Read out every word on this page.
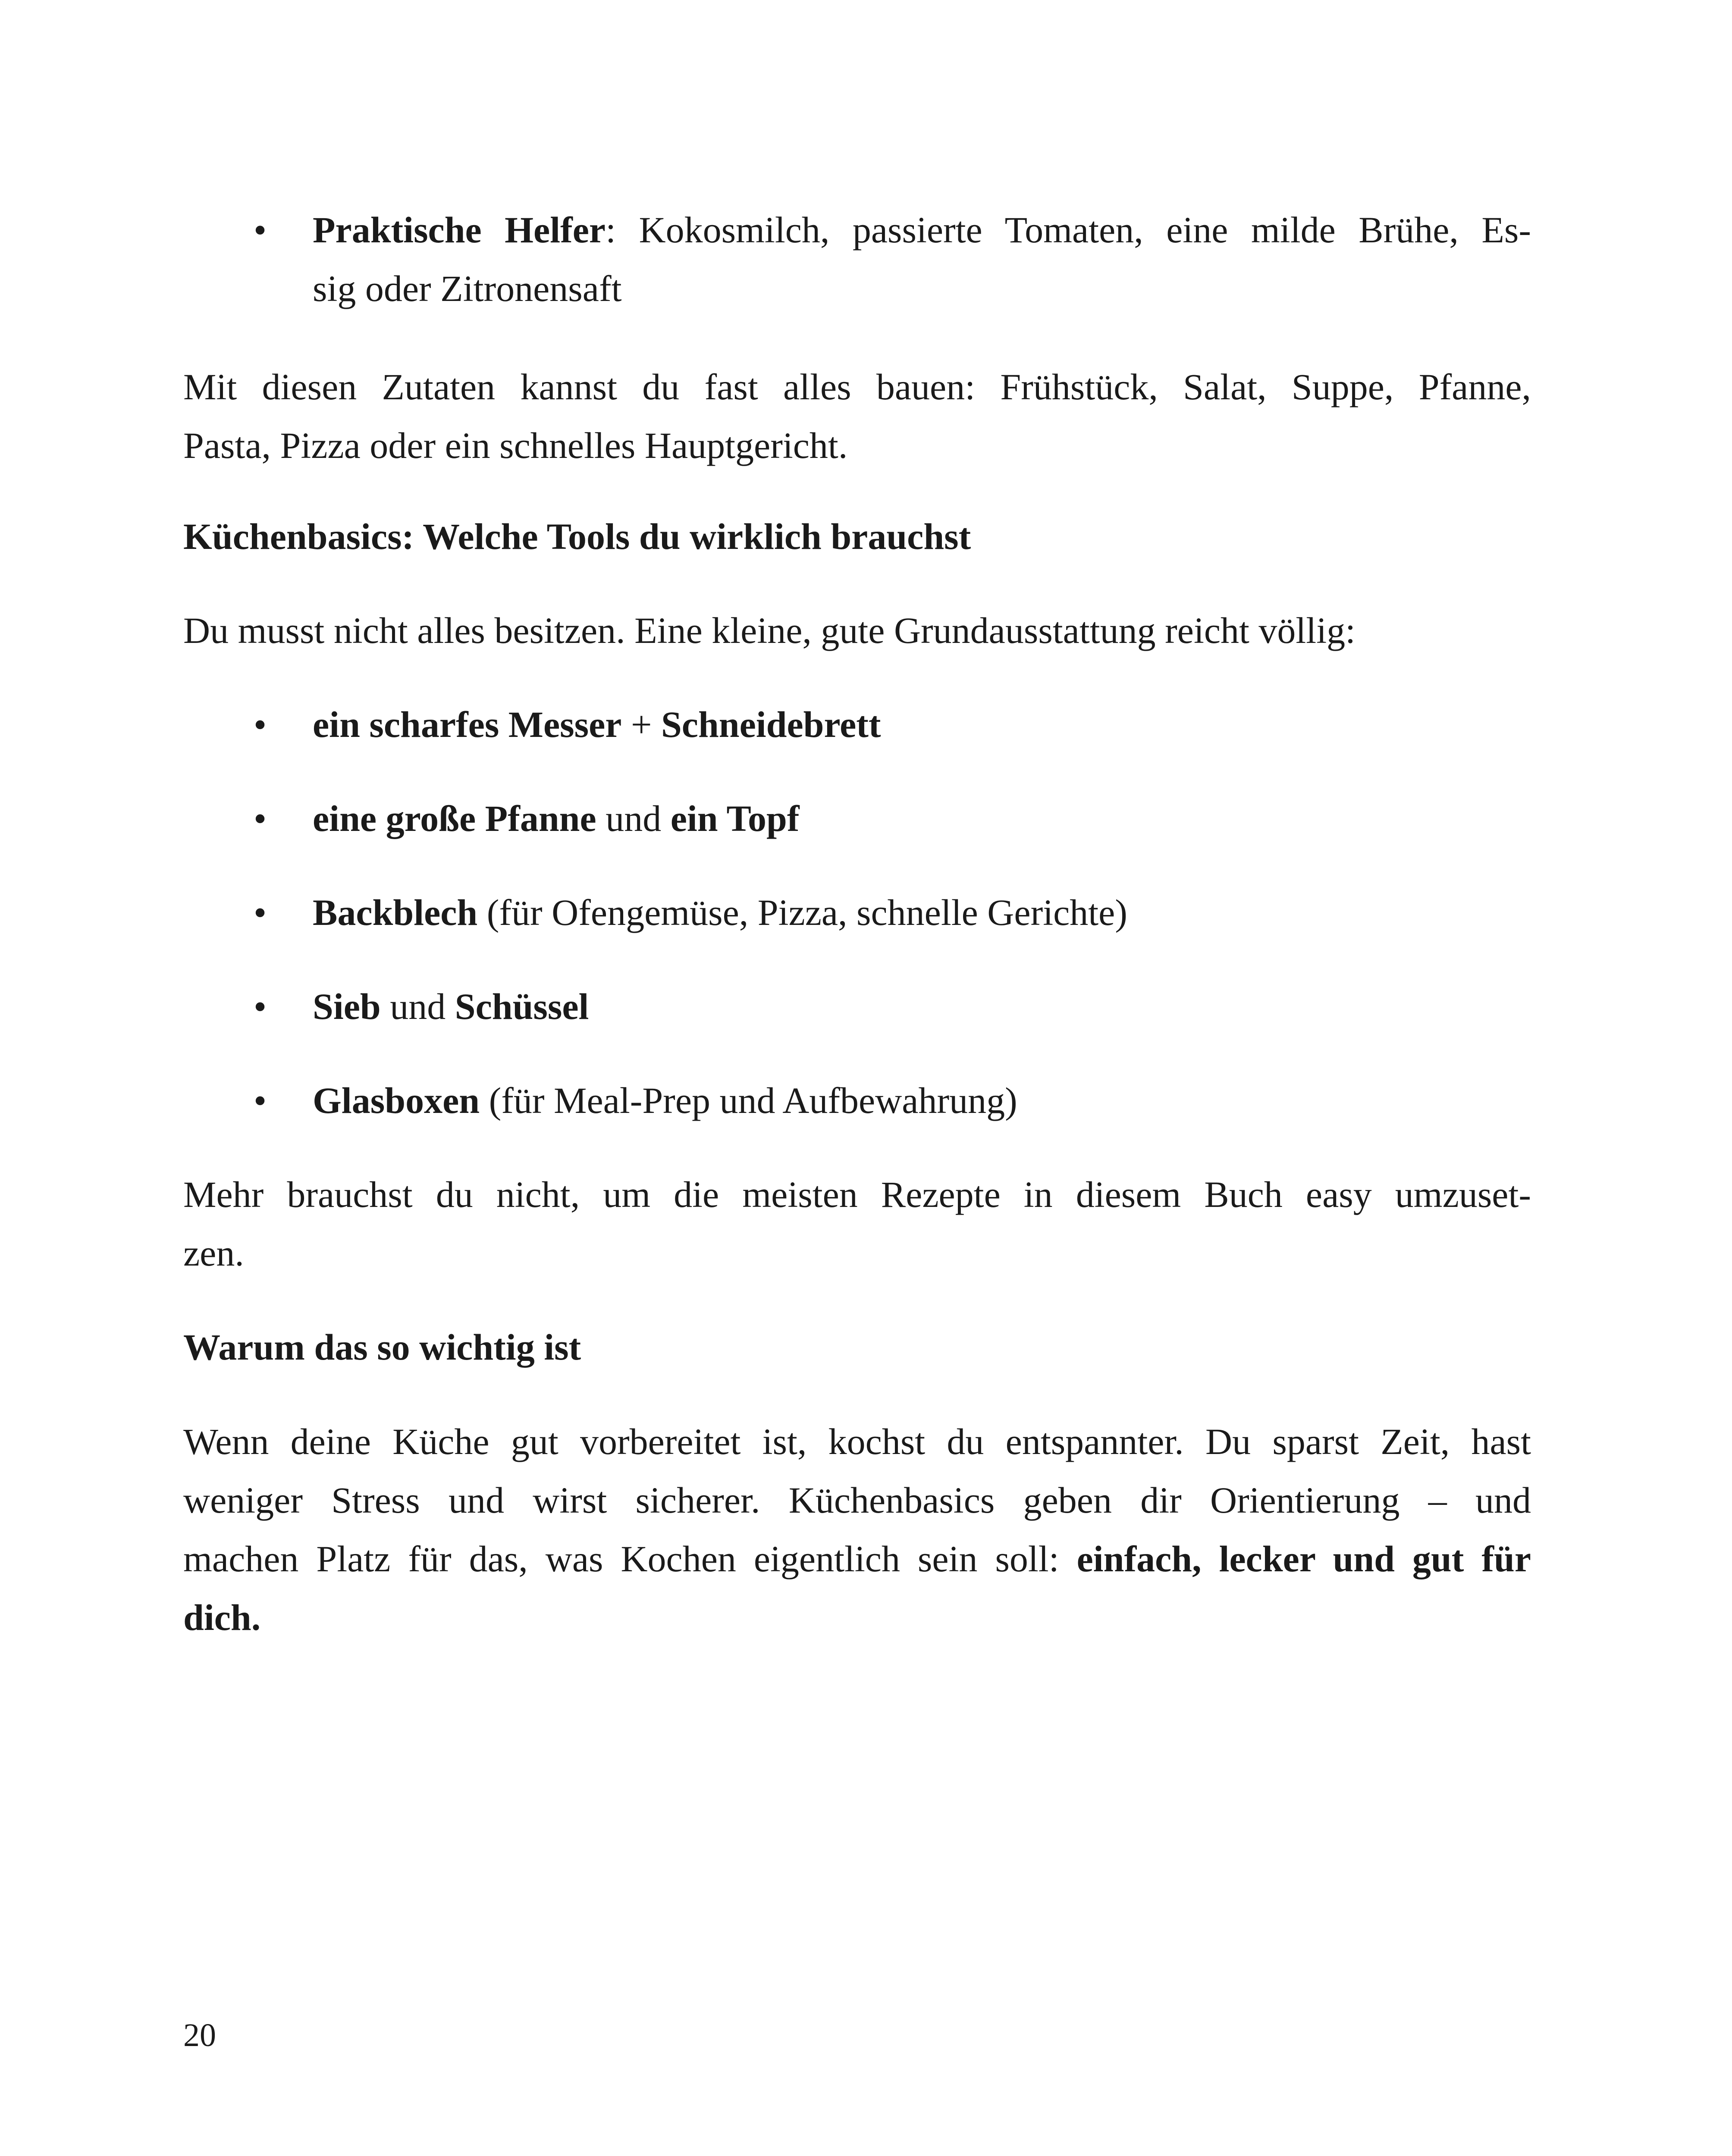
• Praktische Helfer: Kokosmilch, passierte Tomaten, eine milde Brühe, Es-
sig oder Zitronensaft
Mit diesen Zutaten kannst du fast alles bauen: Frühstück, Salat, Suppe, Pfanne,
Pasta, Pizza oder ein schnelles Hauptgericht.
Küchenbasics: Welche Tools du wirklich brauchst
Du musst nicht alles besitzen. Eine kleine, gute Grundausstattung reicht völlig:
• ein scharfes Messer + Schneidebrett
• eine große Pfanne und ein Topf
• Backblech (für Ofengemüse, Pizza, schnelle Gerichte)
• Sieb und Schüssel
• Glasboxen (für Meal-Prep und Aufbewahrung)
Mehr brauchst du nicht, um die meisten Rezepte in diesem Buch easy umzuset-
zen.
Warum das so wichtig ist
Wenn deine Küche gut vorbereitet ist, kochst du entspannter. Du sparst Zeit, hast
weniger Stress und wirst sicherer. Küchenbasics geben dir Orientierung – und
machen Platz für das, was Kochen eigentlich sein soll: einfach, lecker und gut für
dich.
20
